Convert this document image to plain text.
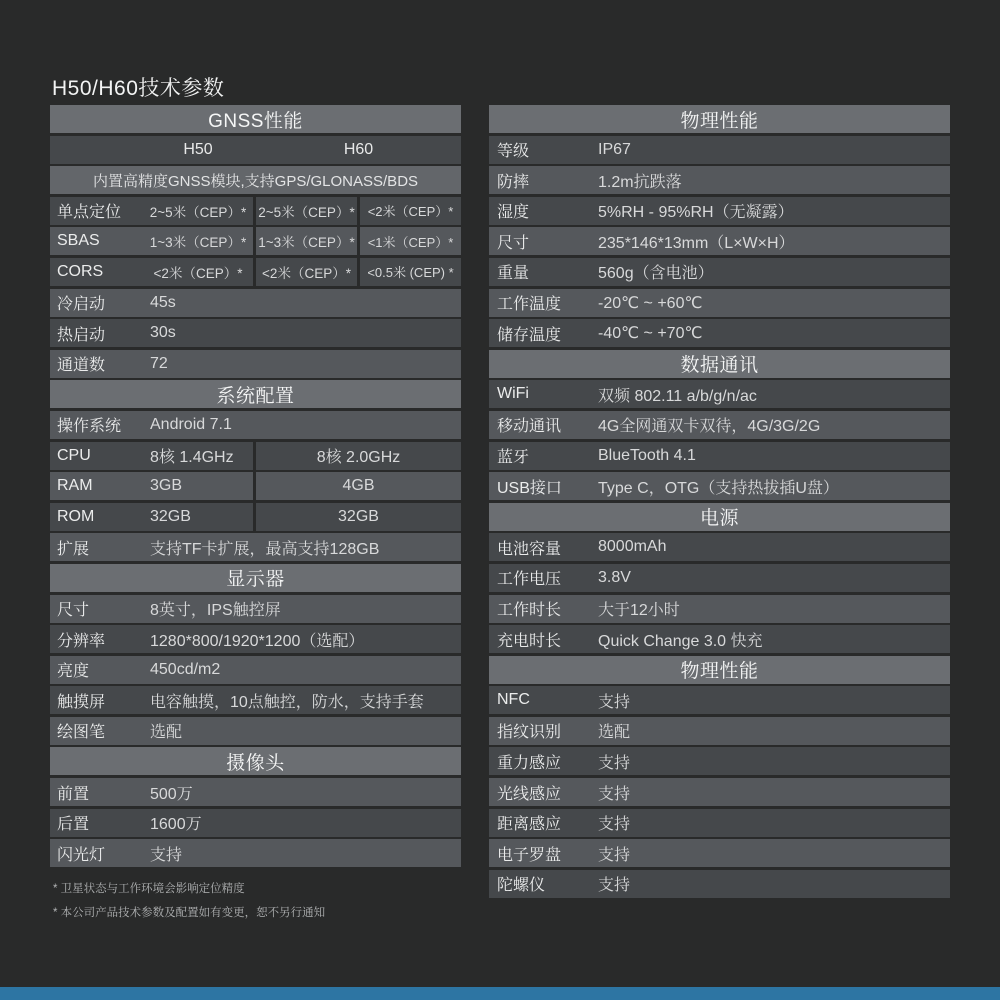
H50/H60技术参数
GNSS性能
H50	H60
内置高精度GNSS模块,支持GPS/GLONASS/BDS
单点定位	2~5米（CEP）* 2~5米（CEP）* <2米（CEP）*
SBAS	1~3米（CEP）* 1~3米（CEP）* <1米（CEP）*
CORS	<2米（CEP）*	<2米（CEP）*	<0.5米 (CEP) *
冷启动	45s
热启动	30s
通道数	72
系统配置
操作系统	Android 7.1
CPU	8核 1.4GHz	8核 2.0GHz
RAM	3GB	4GB
ROM	32GB	32GB
扩展	支持TF卡扩展，最高支持128GB
显示器
尺寸	8英寸，IPS触控屏
分辨率	1280*800/1920*1200（选配）
亮度	450cd/m2
触摸屏	电容触摸，10点触控，防水，支持手套
绘图笔	选配
摄像头
前置	500万
后置	1600万
闪光灯	支持
物理性能
等级	IP67
防摔	1.2m抗跌落
湿度	5%RH - 95%RH（无凝露）
尺寸	235*146*13mm（L×W×H）
重量	560g（含电池）
工作温度	-20℃ ~ +60℃
储存温度	-40℃ ~ +70℃
数据通讯
WiFi	双频 802.11 a/b/g/n/ac
移动通讯	4G全网通双卡双待，4G/3G/2G
蓝牙	BlueTooth 4.1
USB接口	Type C，OTG（支持热拔插U盘）
电源
电池容量	8000mAh
工作电压	3.8V
工作时长	大于12小时
充电时长	Quick Change 3.0 快充
物理性能
NFC	支持
指纹识别	选配
重力感应	支持
光线感应	支持
距离感应	支持
电子罗盘	支持
陀螺仪	支持
* 卫星状态与工作环境会影响定位精度
* 本公司产品技术参数及配置如有变更，恕不另行通知
